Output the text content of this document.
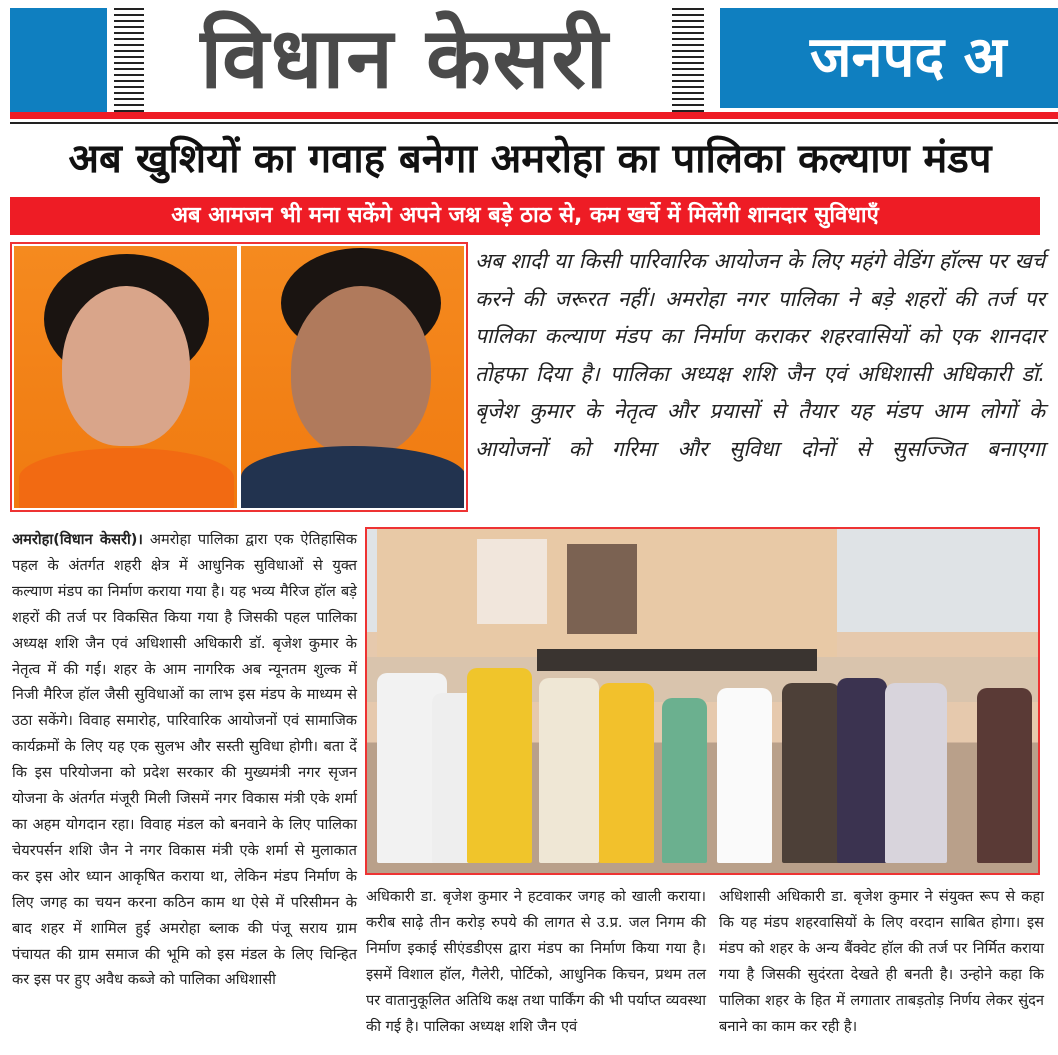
विधान केसरी	जनपद अ
अब खुशियों का गवाह बनेगा अमरोहा का पालिका कल्याण मंडप
अब आमजन भी मना सकेंगे अपने जश्न बड़े ठाठ से, कम खर्चे में मिलेंगी शानदार सुविधाएँ
अब शादी या किसी पारिवारिक आयोजन के लिए महंगे वेडिंग हॉल्स पर खर्च करने की जरूरत नहीं। अमरोहा नगर पालिका ने बड़े शहरों की तर्ज पर पालिका कल्याण मंडप का निर्माण कराकर शहरवासियों को एक शानदार तोहफा दिया है। पालिका अध्यक्ष शशि जैन एवं अधिशासी अधिकारी डॉ. बृजेश कुमार के नेतृत्व और प्रयासों से तैयार यह मंडप आम लोगों के आयोजनों को गरिमा और सुविधा दोनों से सुसज्जित बनाएगा
अमरोहा(विधान केसरी)। अमरोहा पालिका द्वारा एक ऐतिहासिक पहल के अंतर्गत शहरी क्षेत्र में आधुनिक सुविधाओं से युक्त कल्याण मंडप का निर्माण कराया गया है। यह भव्य मैरिज हॉल बड़े शहरों की तर्ज पर विकसित किया गया है जिसकी पहल पालिका अध्यक्ष शशि जैन एवं अधिशासी अधिकारी डॉ. बृजेश कुमार के नेतृत्व में की गई। शहर के आम नागरिक अब न्यूनतम शुल्क में निजी मैरिज हॉल जैसी सुविधाओं का लाभ इस मंडप के माध्यम से उठा सकेंगे। विवाह समारोह, पारिवारिक आयोजनों एवं सामाजिक कार्यक्रमों के लिए यह एक सुलभ और सस्ती सुविधा होगी। बता दें कि इस परियोजना को प्रदेश सरकार की मुख्यमंत्री नगर सृजन योजना के अंतर्गत मंजूरी मिली जिसमें नगर विकास मंत्री एके शर्मा का अहम योगदान रहा। विवाह मंडल को बनवाने के लिए पालिका चेयरपर्सन शशि जैन ने नगर विकास मंत्री एके शर्मा से मुलाकात कर इस ओर ध्यान आकृषित कराया था, लेकिन मंडप निर्माण के लिए जगह का चयन करना कठिन काम था ऐसे में परिसीमन के बाद शहर में शामिल हुई अमरोहा ब्लाक की पंजू सराय ग्राम पंचायत की ग्राम समाज की भूमि को इस मंडल के लिए चिन्हित कर इस पर हुए अवैध कब्जे को पालिका अधिशासी
अधिकारी डा. बृजेश कुमार ने हटवाकर जगह को खाली कराया। करीब साढ़े तीन करोड़ रुपये की लागत से उ.प्र. जल निगम की निर्माण इकाई सीएंडडीएस द्वारा मंडप का निर्माण किया गया है। इसमें विशाल हॉल, गैलेरी, पोर्टिको, आधुनिक किचन, प्रथम तल पर वातानुकूलित अतिथि कक्ष तथा पार्किंग की भी पर्याप्त व्यवस्था की गई है। पालिका अध्यक्ष शशि जैन एवं
अधिशासी अधिकारी डा. बृजेश कुमार ने संयुक्त रूप से कहा कि यह मंडप शहरवासियों के लिए वरदान साबित होगा। इस मंडप को शहर के अन्य बैंक्वेट हॉल की तर्ज पर निर्मित कराया गया है जिसकी सुदंरता देखते ही बनती है। उन्होने कहा कि पालिका शहर के हित में लगातार ताबड़तोड़ निर्णय लेकर सुंदन बनाने का काम कर रही है।
